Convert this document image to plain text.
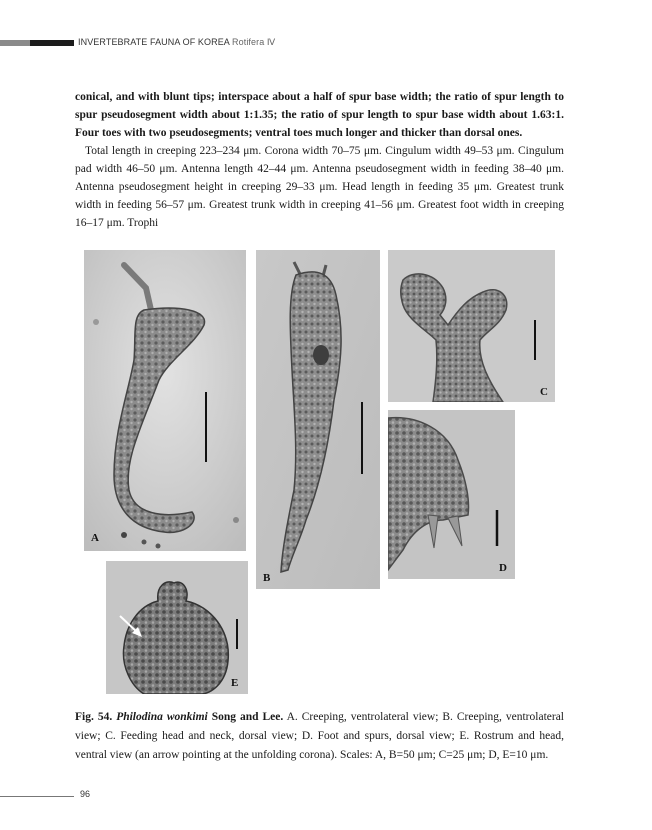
INVERTEBRATE FAUNA OF KOREA Rotifera Ⅳ

conical, and with blunt tips; interspace about a half of spur base width; the ratio of spur length to spur pseudosegment width about 1:1.35; the ratio of spur length to spur base width about 1.63:1. Four toes with two pseudosegments; ventral toes much longer and thicker than dorsal ones.

Total length in creeping 223–234 μm. Corona width 70–75 μm. Cingulum width 49–53 μm. Cingulum pad width 46–50 μm. Antenna length 42–44 μm. Antenna pseudosegment width in feeding 38–40 μm. Antenna pseudosegment height in creeping 29–33 μm. Head length in feeding 35 μm. Greatest trunk width in feeding 56–57 μm. Greatest trunk width in creeping 41–56 μm. Greatest foot width in creeping 16–17 μm. Trophi

A
B
C
D
E
Fig. 54. Philodina wonkimi Song and Lee. A. Creeping, ventrolateral view; B. Creeping, ventrolateral view; C. Feeding head and neck, dorsal view; D. Foot and spurs, dorsal view; E. Rostrum and head, ventral view (an arrow pointing at the unfolding corona). Scales: A, B=50 μm; C=25 μm; D, E=10 μm.
96
